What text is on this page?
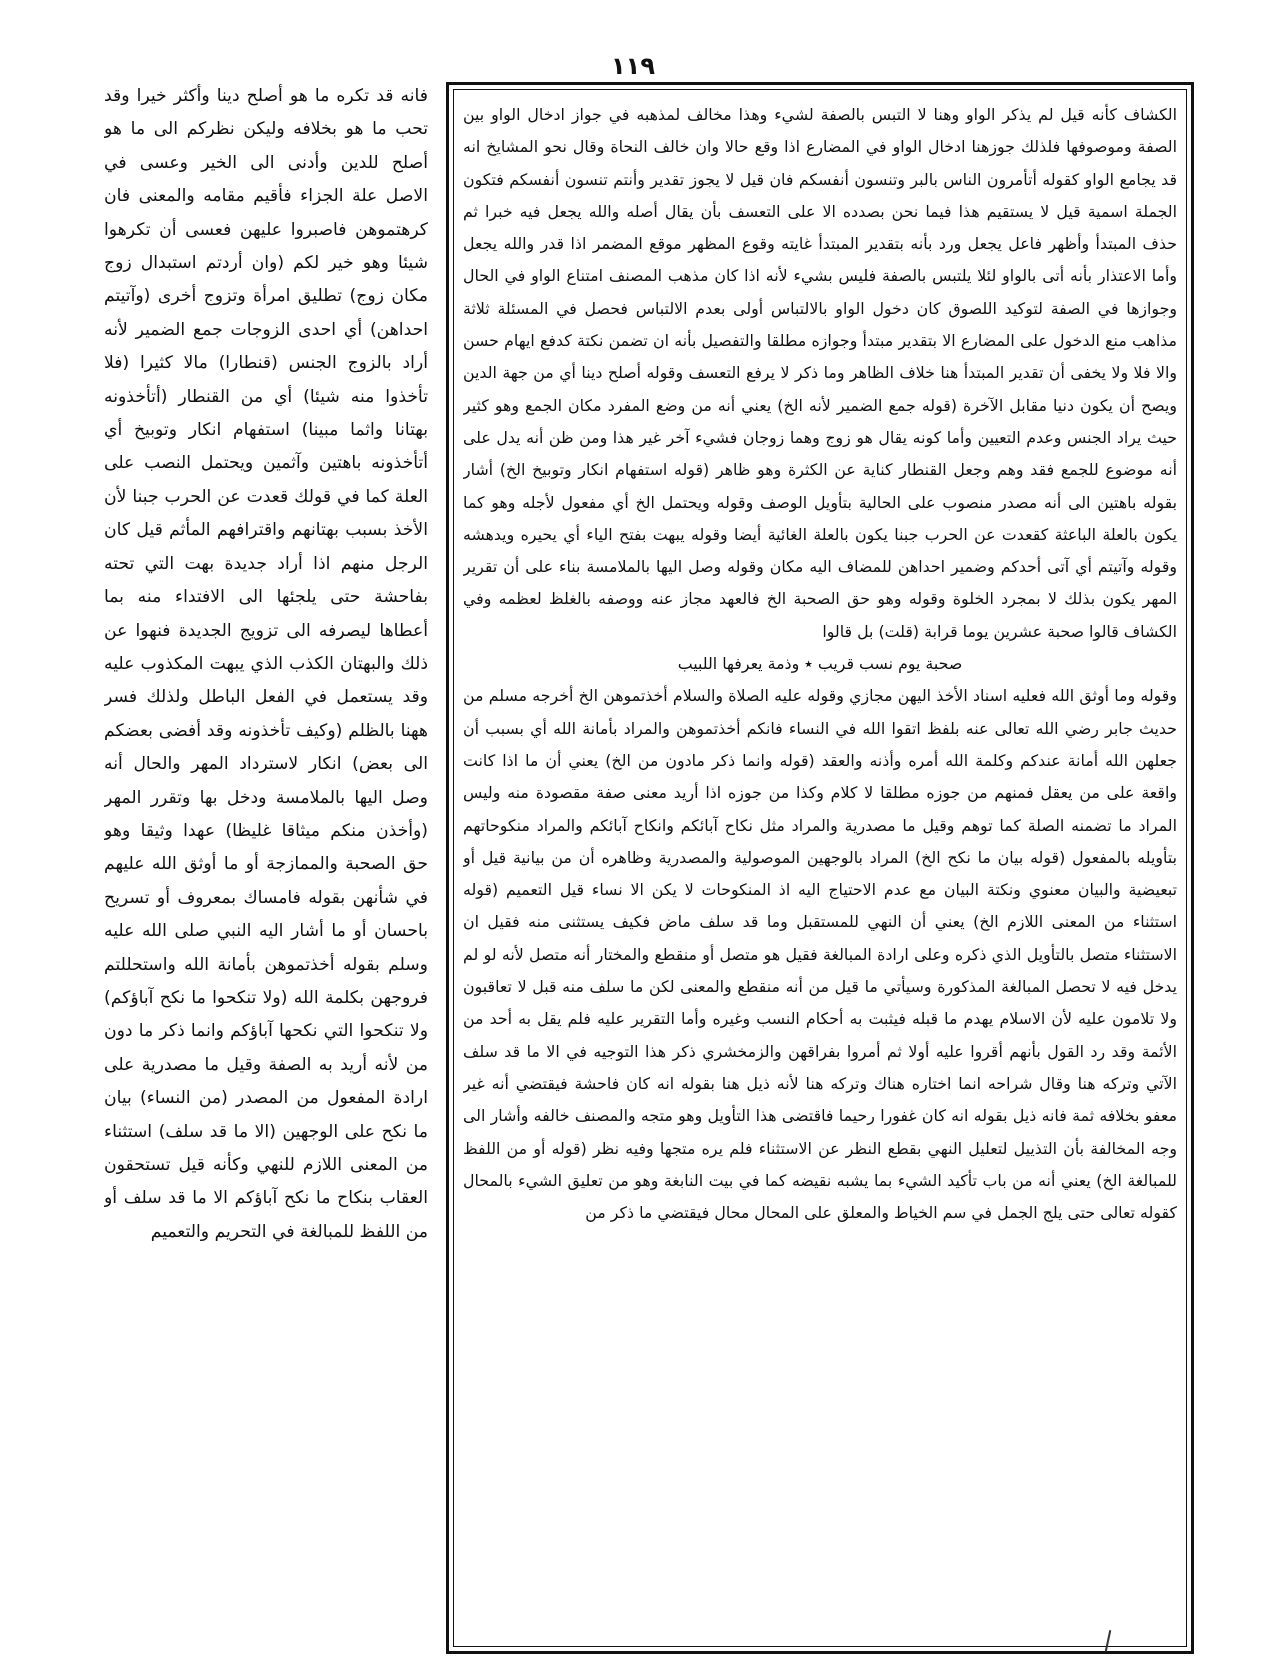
١١٩

فانه قد تكره ما هو أصلح دينا وأكثر خيرا وقد تحب ما هو بخلافه وليكن نظركم الى ما هو أصلح للدين وأدنى الى الخير وعسى في الاصل علة الجزاء فأقيم مقامه والمعنى فان كرهتموهن فاصبروا عليهن فعسى أن تكرهوا شيئا وهو خير لكم (وان أردتم استبدال زوج مكان زوج) تطليق امرأة وتزوج أخرى (وآتيتم احداهن) أي احدى الزوجات جمع الضمير لأنه أراد بالزوج الجنس (قنطارا) مالا كثيرا (فلا تأخذوا منه شيئا) أي من القنطار (أتأخذونه بهتانا واثما مبينا) استفهام انكار وتوبيخ أي أتأخذونه باهتين وآثمين ويحتمل النصب على العلة كما في قولك قعدت عن الحرب جبنا لأن الأخذ بسبب بهتانهم واقترافهم المأثم قيل كان الرجل منهم اذا أراد جديدة بهت التي تحته بفاحشة حتى يلجئها الى الافتداء منه بما أعطاها ليصرفه الى تزويج الجديدة فنهوا عن ذلك والبهتان الكذب الذي يبهت المكذوب عليه وقد يستعمل في الفعل الباطل ولذلك فسر ههنا بالظلم (وكيف تأخذونه وقد أفضى بعضكم الى بعض) انكار لاسترداد المهر والحال أنه وصل اليها بالملامسة ودخل بها وتقرر المهر (وأخذن منكم ميثاقا غليظا) عهدا وثيقا وهو حق الصحبة والممازجة أو ما أوثق الله عليهم في شأنهن بقوله فامساك بمعروف أو تسريح باحسان أو ما أشار اليه النبي صلى الله عليه وسلم بقوله أخذتموهن بأمانة الله واستحللتم فروجهن بكلمة الله (ولا تنكحوا ما نكح آباؤكم) ولا تنكحوا التي نكحها آباؤكم وانما ذكر ما دون من لأنه أريد به الصفة وقيل ما مصدرية على ارادة المفعول من المصدر (من النساء) بيان ما نكح على الوجهين (الا ما قد سلف) استثناء من المعنى اللازم للنهي وكأنه قيل تستحقون العقاب بنكاح ما نكح آباؤكم الا ما قد سلف أو من اللفظ للمبالغة في التحريم والتعميم

الكشاف كأنه قيل لم يذكر الواو وهنا لا التبس بالصفة لشيء وهذا مخالف لمذهبه في جواز ادخال الواو بين الصفة وموصوفها فلذلك جوزهنا ادخال الواو في المضارع اذا وقع حالا وان خالف النحاة وقال نحو المشايخ انه قد يجامع الواو كقوله أتأمرون الناس بالبر وتنسون أنفسكم فان قيل لا يجوز تقدير وأنتم تنسون أنفسكم فتكون الجملة اسمية قيل لا يستقيم هذا فيما نحن بصدده الا على التعسف بأن يقال أصله والله يجعل فيه خبرا ثم حذف المبتدأ وأظهر فاعل يجعل ورد بأنه بتقدير المبتدأ غايته وقوع المظهر موقع المضمر اذا قدر والله يجعل وأما الاعتذار بأنه أتى بالواو لئلا يلتبس بالصفة فليس بشيء لأنه اذا كان مذهب المصنف امتناع الواو في الحال وجوازها في الصفة لتوكيد اللصوق كان دخول الواو بالالتباس أولى بعدم الالتباس فحصل في المسئلة ثلاثة مذاهب منع الدخول على المضارع الا بتقدير مبتدأ وجوازه مطلقا والتفصيل بأنه ان تضمن نكتة كدفع ايهام حسن والا فلا ولا يخفى أن تقدير المبتدأ هنا خلاف الظاهر وما ذكر لا يرفع التعسف وقوله أصلح دينا أي من جهة الدين ويصح أن يكون دنيا مقابل الآخرة (قوله جمع الضمير لأنه الخ) يعني أنه من وضع المفرد مكان الجمع وهو كثير حيث يراد الجنس وعدم التعيين وأما كونه يقال هو زوج وهما زوجان فشيء آخر غير هذا ومن ظن أنه يدل على أنه موضوع للجمع فقد وهم وجعل القنطار كناية عن الكثرة وهو ظاهر (قوله استفهام انكار وتوبيخ الخ) أشار بقوله باهتين الى أنه مصدر منصوب على الحالية بتأويل الوصف وقوله ويحتمل الخ أي مفعول لأجله وهو كما يكون بالعلة الباعثة كقعدت عن الحرب جبنا يكون بالعلة الغائية أيضا وقوله يبهت بفتح الياء أي يحيره ويدهشه وقوله وآتيتم أي آتى أحدكم وضمير احداهن للمضاف اليه مكان وقوله وصل اليها بالملامسة بناء على أن تقرير المهر يكون بذلك لا بمجرد الخلوة وقوله وهو حق الصحبة الخ فالعهد مجاز عنه ووصفه بالغلظ لعظمه وفي الكشاف قالوا صحبة عشرين يوما قرابة (قلت) بل قالوا

صحبة يوم نسب قريب ٭ وذمة يعرفها اللبيب

وقوله وما أوثق الله فعليه اسناد الأخذ اليهن مجازي وقوله عليه الصلاة والسلام أخذتموهن الخ أخرجه مسلم من حديث جابر رضي الله تعالى عنه بلفظ اتقوا الله في النساء فانكم أخذتموهن والمراد بأمانة الله أي بسبب أن جعلهن الله أمانة عندكم وكلمة الله أمره وأذنه والعقد (قوله وانما ذكر مادون من الخ) يعني أن ما اذا كانت واقعة على من يعقل فمنهم من جوزه مطلقا لا كلام وكذا من جوزه اذا أريد معنى صفة مقصودة منه وليس المراد ما تضمنه الصلة كما توهم وقيل ما مصدرية والمراد مثل نكاح آبائكم وانكاح آبائكم والمراد منكوحاتهم بتأويله بالمفعول (قوله بيان ما نكح الخ) المراد بالوجهين الموصولية والمصدرية وظاهره أن من بيانية قيل أو تبعيضية والبيان معنوي ونكتة البيان مع عدم الاحتياج اليه اذ المنكوحات لا يكن الا نساء قيل التعميم (قوله استثناء من المعنى اللازم الخ) يعني أن النهي للمستقبل وما قد سلف ماض فكيف يستثنى منه فقيل ان الاستثناء متصل بالتأويل الذي ذكره وعلى ارادة المبالغة فقيل هو متصل أو منقطع والمختار أنه متصل لأنه لو لم يدخل فيه لا تحصل المبالغة المذكورة وسيأتي ما قيل من أنه منقطع والمعنى لكن ما سلف منه قبل لا تعاقبون ولا تلامون عليه لأن الاسلام يهدم ما قبله فيثبت به أحكام النسب وغيره وأما التقرير عليه فلم يقل به أحد من الأئمة وقد رد القول بأنهم أقروا عليه أولا ثم أمروا بفراقهن والزمخشري ذكر هذا التوجيه في الا ما قد سلف الآتي وتركه هنا وقال شراحه انما اختاره هناك وتركه هنا لأنه ذيل هنا بقوله انه كان فاحشة فيقتضي أنه غير معفو بخلافه ثمة فانه ذيل بقوله انه كان غفورا رحيما فاقتضى هذا التأويل وهو متجه والمصنف خالفه وأشار الى وجه المخالفة بأن التذييل لتعليل النهي بقطع النظر عن الاستثناء فلم يره متجها وفيه نظر (قوله أو من اللفظ للمبالغة الخ) يعني أنه من باب تأكيد الشيء بما يشبه نقيضه كما في بيت النابغة وهو من تعليق الشيء بالمحال كقوله تعالى حتى يلج الجمل في سم الخياط والمعلق على المحال محال فيقتضي ما ذكر من
